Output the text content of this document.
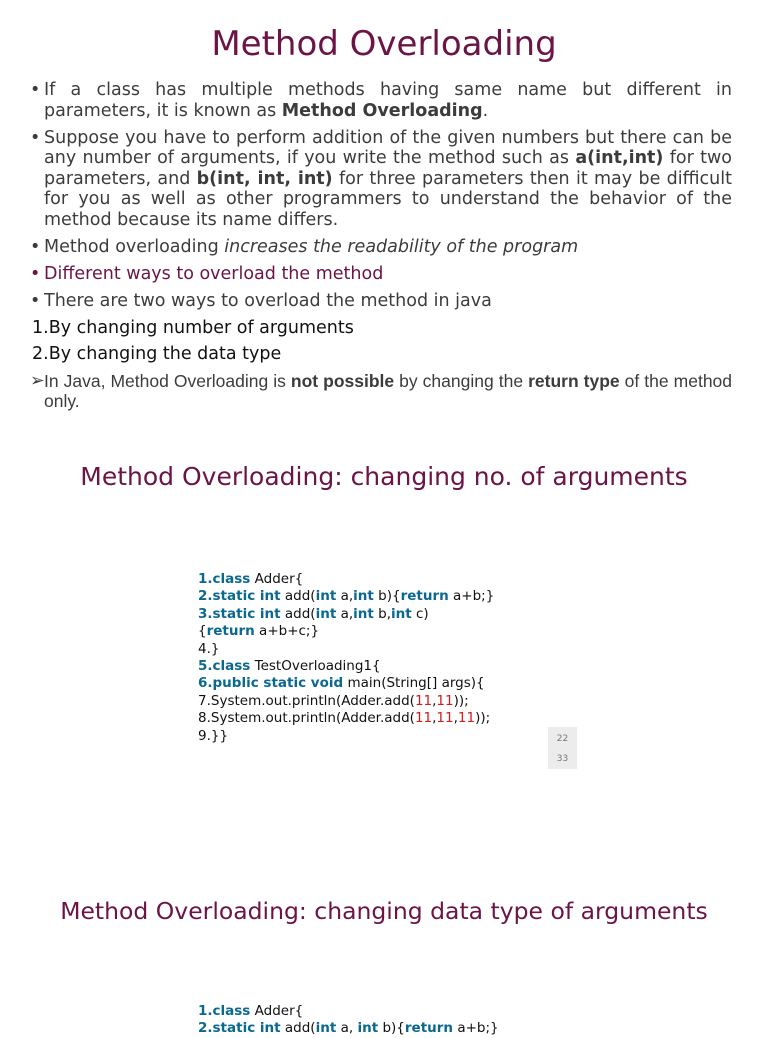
Method Overloading
• If a class has multiple methods having same name but different in parameters, it is known as Method Overloading.
• Suppose you have to perform addition of the given numbers but there can be any number of arguments, if you write the method such as a(int,int) for two parameters, and b(int, int, int) for three parameters then it may be difficult for you as well as other programmers to understand the behavior of the method because its name differs.
• Method overloading increases the readability of the program
• Different ways to overload the method
• There are two ways to overload the method in java
1.By changing number of arguments
2.By changing the data type
➢ In Java, Method Overloading is not possible by changing the return type of the method only.
Method Overloading: changing no. of arguments
1.class Adder{
2.static int add(int a,int b){return a+b;}
3.static int add(int a,int b,int c)
{return a+b+c;}
4.}
5.class TestOverloading1{
6.public static void main(String[] args){
7.System.out.println(Adder.add(11,11));
8.System.out.println(Adder.add(11,11,11));
9.}}	22
33
Method Overloading: changing data type of arguments
1.class Adder{
2.static int add(int a, int b){return a+b;}
